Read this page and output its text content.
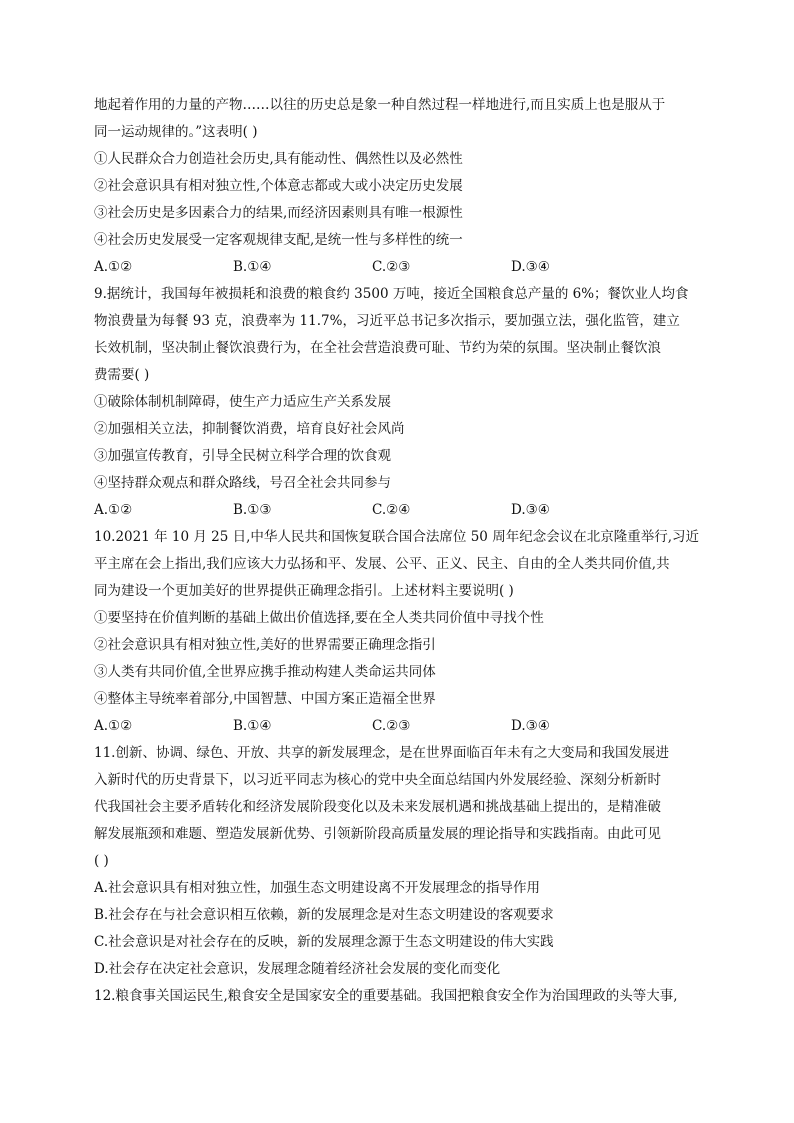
地起着作用的力量的产物……以往的历史总是象一种自然过程一样地进行,而且实质上也是服从于
同一运动规律的。”这表明( )
①人民群众合力创造社会历史,具有能动性、偶然性以及必然性
②社会意识具有相对独立性,个体意志都或大或小决定历史发展
③社会历史是多因素合力的结果,而经济因素则具有唯一根源性
④社会历史发展受一定客观规律支配,是统一性与多样性的统一
A.①②	B.①④	C.②③	D.③④
9.据统计，我国每年被损耗和浪费的粮食约 3500 万吨，接近全国粮食总产量的 6%；餐饮业人均食
物浪费量为每餐 93 克，浪费率为 11.7%，习近平总书记多次指示，要加强立法，强化监管，建立
长效机制，坚决制止餐饮浪费行为，在全社会营造浪费可耻、节约为荣的氛围。坚决制止餐饮浪
费需要( )
①破除体制机制障碍，使生产力适应生产关系发展
②加强相关立法，抑制餐饮消费，培育良好社会风尚
③加强宣传教育，引导全民树立科学合理的饮食观
④坚持群众观点和群众路线，号召全社会共同参与
A.①②	B.①③	C.②④	D.③④
10.2021 年 10 月 25 日,中华人民共和国恢复联合国合法席位 50 周年纪念会议在北京隆重举行,习近
平主席在会上指出,我们应该大力弘扬和平、发展、公平、正义、民主、自由的全人类共同价值,共
同为建设一个更加美好的世界提供正确理念指引。上述材料主要说明( )
①要坚持在价值判断的基础上做出价值选择,要在全人类共同价值中寻找个性
②社会意识具有相对独立性,美好的世界需要正确理念指引
③人类有共同价值,全世界应携手推动构建人类命运共同体
④整体主导统率着部分,中国智慧、中国方案正造福全世界
A.①②	B.①④	C.②③	D.③④
11.创新、协调、绿色、开放、共享的新发展理念，是在世界面临百年未有之大变局和我国发展进
入新时代的历史背景下，以习近平同志为核心的党中央全面总结国内外发展经验、深刻分析新时
代我国社会主要矛盾转化和经济发展阶段变化以及未来发展机遇和挑战基础上提出的，是精准破
解发展瓶颈和难题、塑造发展新优势、引领新阶段高质量发展的理论指导和实践指南。由此可见
( )
A.社会意识具有相对独立性，加强生态文明建设离不开发展理念的指导作用
B.社会存在与社会意识相互依赖，新的发展理念是对生态文明建设的客观要求
C.社会意识是对社会存在的反映，新的发展理念源于生态文明建设的伟大实践
D.社会存在决定社会意识，发展理念随着经济社会发展的变化而变化
12.粮食事关国运民生,粮食安全是国家安全的重要基础。我国把粮食安全作为治国理政的头等大事,
